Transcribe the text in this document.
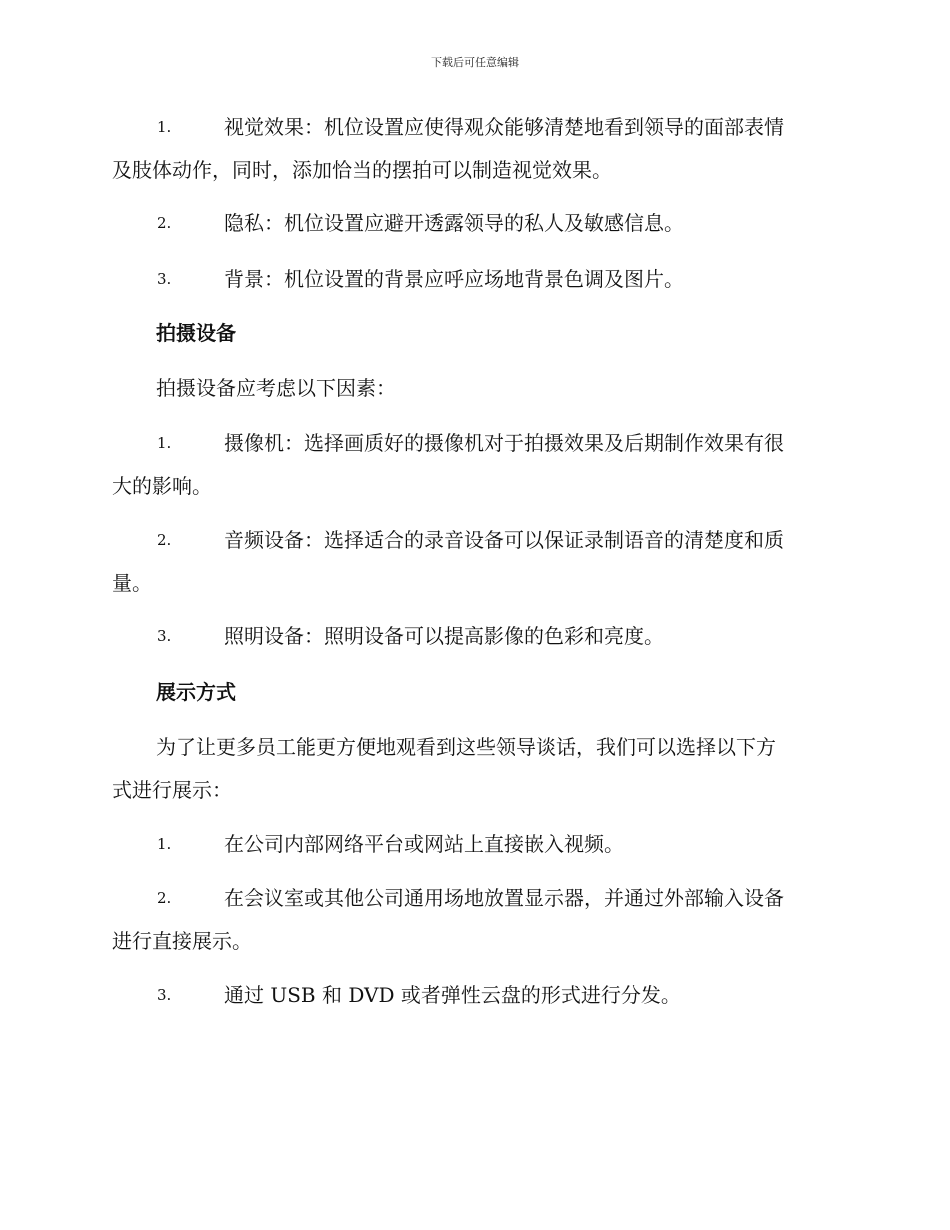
下载后可任意编辑
1.	视觉效果：机位设置应使得观众能够清楚地看到领导的面部表情
及肢体动作，同时，添加恰当的摆拍可以制造视觉效果。
2.	隐私：机位设置应避开透露领导的私人及敏感信息。
3.	背景：机位设置的背景应呼应场地背景色调及图片。
拍摄设备
拍摄设备应考虑以下因素：
1.	摄像机：选择画质好的摄像机对于拍摄效果及后期制作效果有很
大的影响。
2.	音频设备：选择适合的录音设备可以保证录制语音的清楚度和质
量。
3.	照明设备：照明设备可以提高影像的色彩和亮度。
展示方式
为了让更多员工能更方便地观看到这些领导谈话，我们可以选择以下方
式进行展示：
1.	在公司内部网络平台或网站上直接嵌入视频。
2.	在会议室或其他公司通用场地放置显示器，并通过外部输入设备
进行直接展示。
3.	通过 USB 和 DVD 或者弹性云盘的形式进行分发。
